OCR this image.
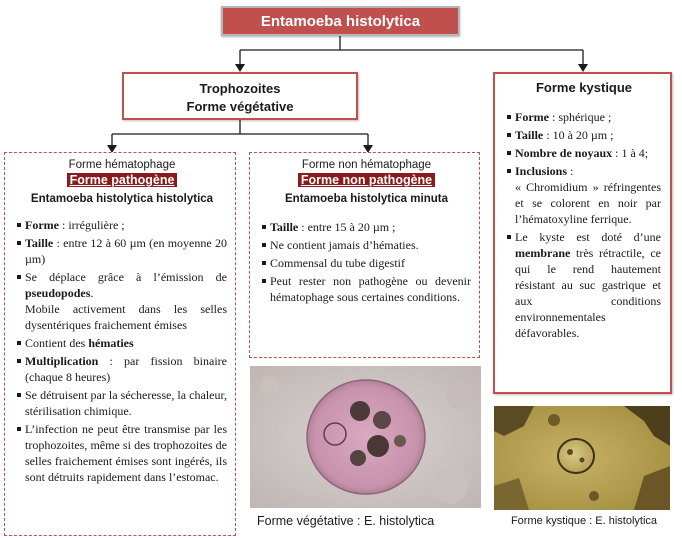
Entamoeba histolytica
Trophozoites
Forme végétative
Forme kystique
Forme : sphérique ;
Taille : 10 à 20 µm ;
Nombre de noyaux : 1 à 4;
Inclusions :
« Chromidium » réfringentes et se colorent en noir par l’hématoxyline ferrique.
Le kyste est doté d’une membrane très rétractile, ce qui le rend hautement résistant au suc gastrique et aux conditions environnementales défavorables.
Forme hématophage
Forme pathogène
Entamoeba histolytica histolytica
Forme : irrégulière ;
Taille : entre 12 à 60 µm (en moyenne 20 µm)
Se déplace grâce à l’émission de pseudopodes.
Mobile activement dans les selles dysentériques fraichement émises
Contient des hématies
Multiplication : par fission binaire (chaque 8 heures)
Se détruisent par la sécheresse, la chaleur, stérilisation chimique.
L’infection ne peut être transmise par les trophozoites, même si des trophozoites de selles fraichement émises sont ingérés, ils sont détruits rapidement dans l’estomac.
Forme non hématophage
Forme non pathogène
Entamoeba histolytica minuta
Taille : entre 15 à 20 µm ;
Ne contient jamais d’hématies.
Commensal du tube digestif
Peut rester non pathogène ou devenir hématophage sous certaines conditions.
Forme végétative : E. histolytica	Forme kystique : E. histolytica
